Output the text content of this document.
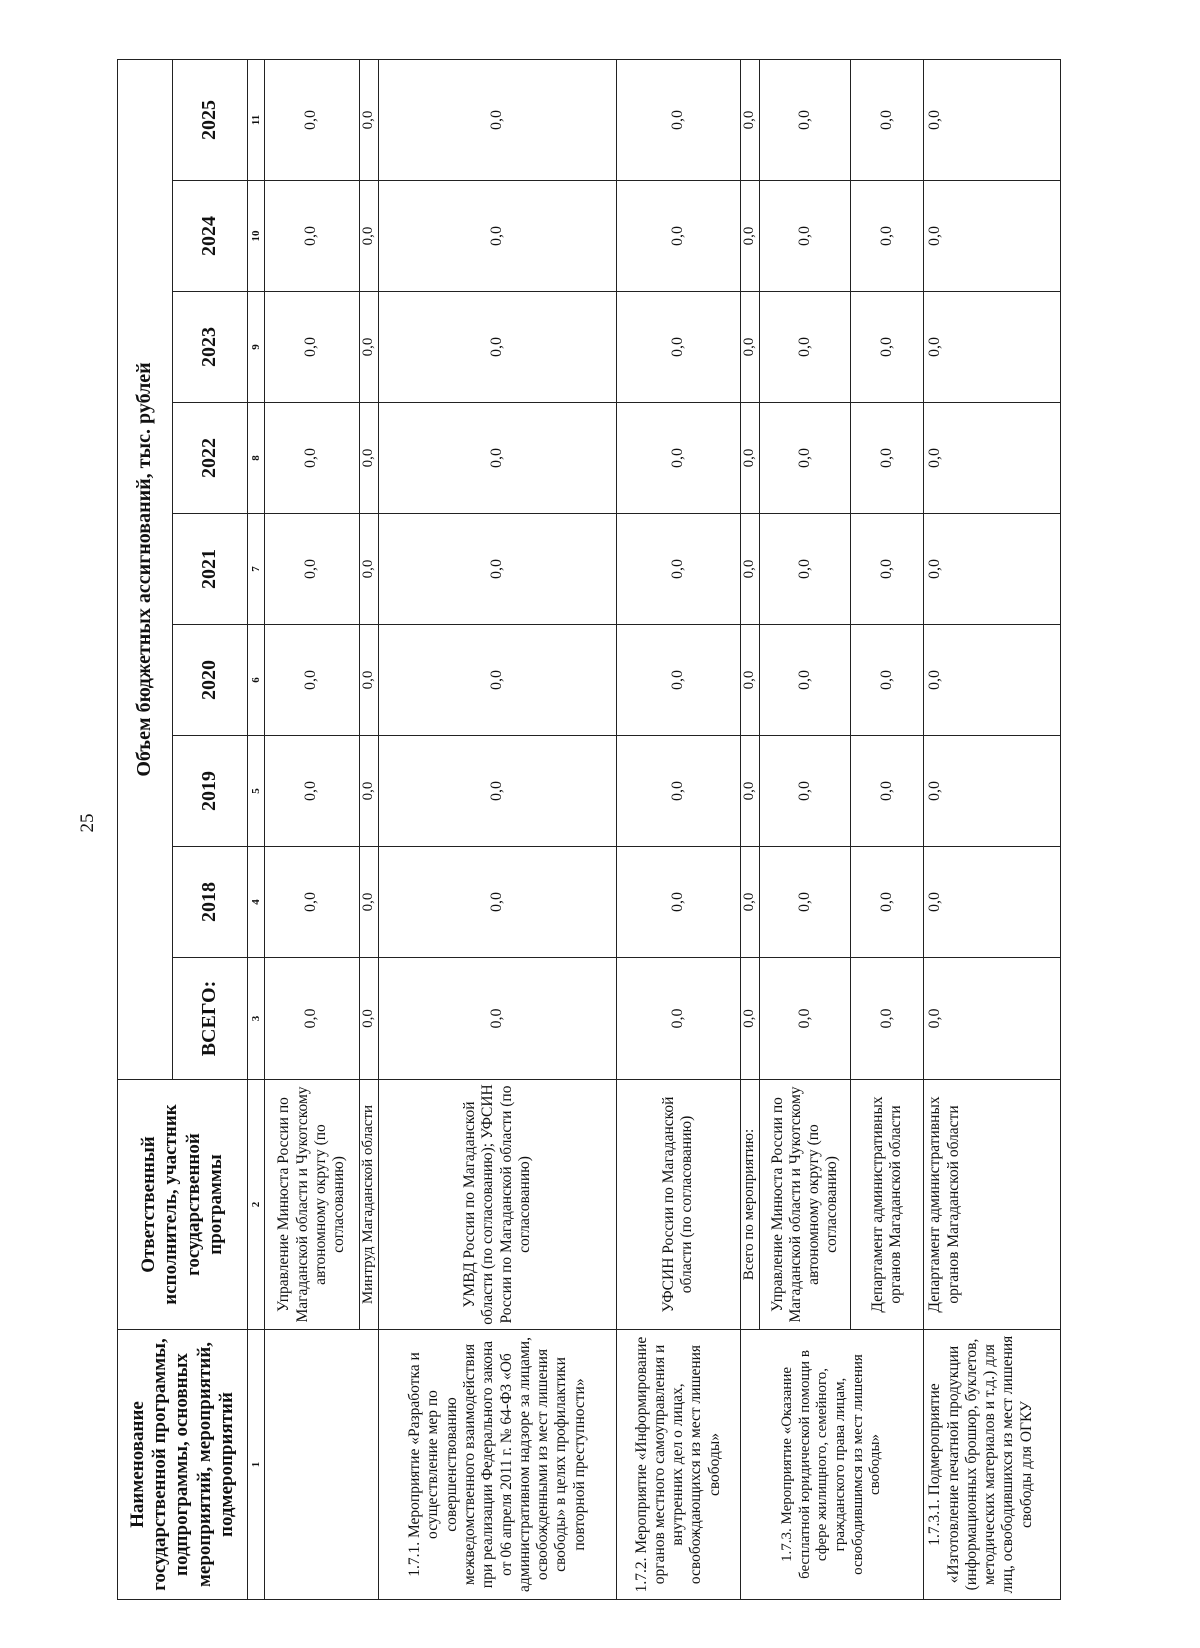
25
Наименование государственной программы, подпрограммы, основных мероприятий, мероприятий, подмероприятий	Ответственный исполнитель, участник государственной программы	Объем бюджетных ассигнований, тыс. рублей								
		ВСЕГО:	2018	2019	2020	2021	2022	2023	2024	2025
1	2	3	4	5	6	7	8	9	10	11
	Управление Минюста России по Магаданской области и Чукотскому автономному округу (по согласованию)	0,0	0,0	0,0	0,0	0,0	0,0	0,0	0,0	0,0
	Минтруд Магаданской области	0,0	0,0	0,0	0,0	0,0	0,0	0,0	0,0	0,0
1.7.1. Мероприятие «Разработка и осуществление мер по совершенствованию межведомственного взаимодействия при реализации Федерального закона от 06 апреля 2011 г. № 64-ФЗ «Об административном надзоре за лицами, освобожденными из мест лишения свободы» в целях профилактики повторной преступности»	УМВД России по Магаданской области (по согласованию); УФСИН России по Магаданской области (по согласованию)	0,0	0,0	0,0	0,0	0,0	0,0	0,0	0,0	0,0
1.7.2. Мероприятие «Информирование органов местного самоуправления и внутренних дел о лицах, освобождающихся из мест лишения свободы»	УФСИН России по Магаданской области (по согласованию)	0,0	0,0	0,0	0,0	0,0	0,0	0,0	0,0	0,0
1.7.3. Мероприятие «Оказание бесплатной юридической помощи в сфере жилищного, семейного, гражданского права лицам, освободившимся из мест лишения свободы»	Всего по мероприятию:	0,0	0,0	0,0	0,0	0,0	0,0	0,0	0,0	0,0
	Управление Минюста России по Магаданской области и Чукотскому автономному округу (по согласованию)	0,0	0,0	0,0	0,0	0,0	0,0	0,0	0,0	0,0
	Департамент административных органов Магаданской области	0,0	0,0	0,0	0,0	0,0	0,0	0,0	0,0	0,0
1.7.3.1. Подмероприятие «Изготовление печатной продукции (информационных брошюр, буклетов, методических материалов и т.д.) для лиц, освободившихся из мест лишения свободы для ОГКУ	Департамент административных органов Магаданской области	0,0	0,0	0,0	0,0	0,0	0,0	0,0	0,0	0,0
